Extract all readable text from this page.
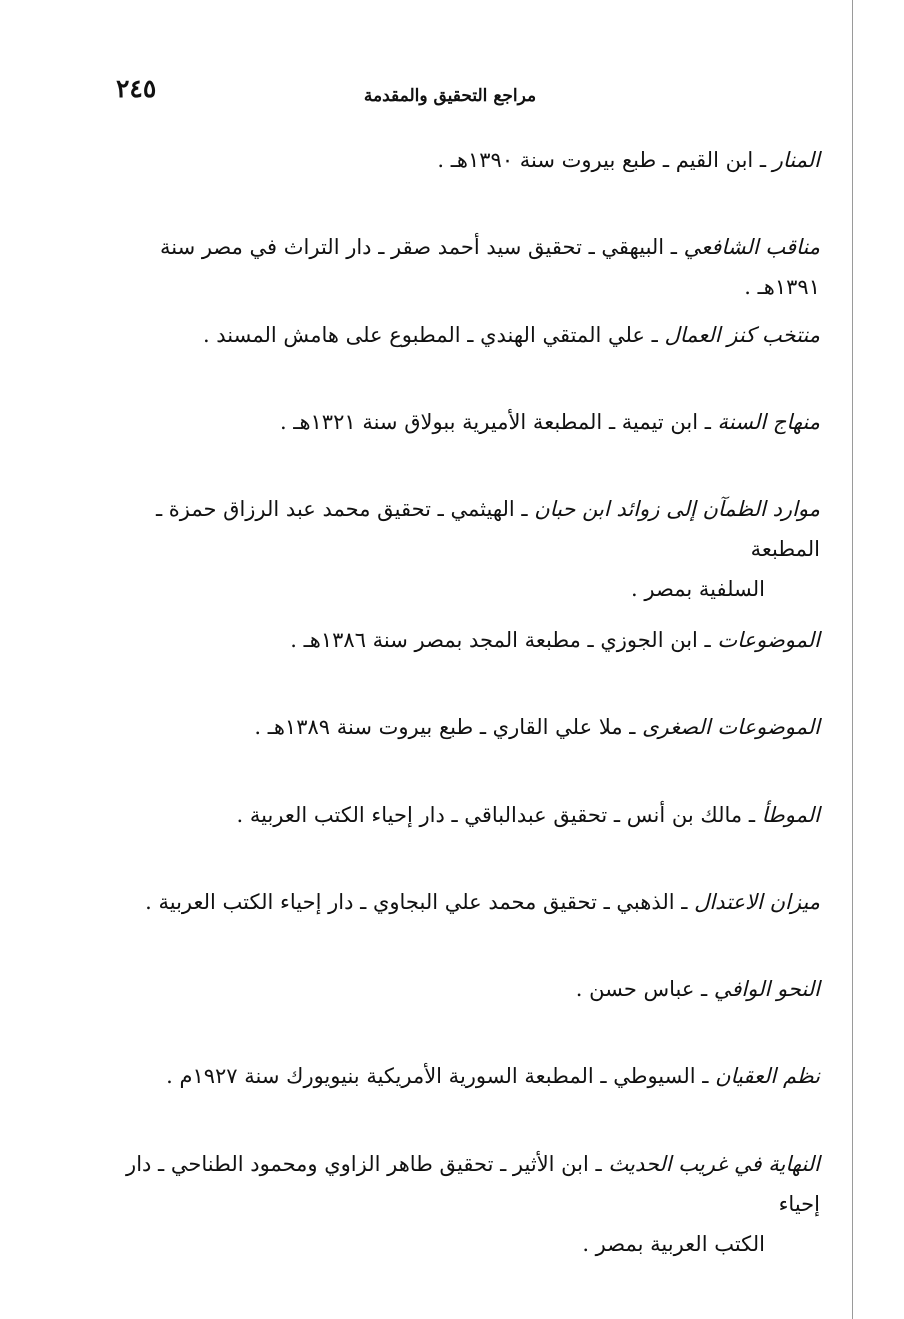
٢٤٥	مراجع التحقيق والمقدمة
المنار ـ ابن القيم ـ طبع بيروت سنة ١٣٩٠هـ .
مناقب الشافعي ـ البيهقي ـ تحقيق سيد أحمد صقر ـ دار التراث في مصر سنة ١٣٩١هـ .
منتخب كنز العمال ـ علي المتقي الهندي ـ المطبوع على هامش المسند .
منهاج السنة ـ ابن تيمية ـ المطبعة الأميرية ببولاق سنة ١٣٢١هـ .
موارد الظمآن إلى زوائد ابن حبان ـ الهيثمي ـ تحقيق محمد عبد الرزاق حمزة ـ المطبعة
السلفية بمصر .
الموضوعات ـ ابن الجوزي ـ مطبعة المجد بمصر سنة ١٣٨٦هـ .
الموضوعات الصغرى ـ ملا علي القاري ـ طبع بيروت سنة ١٣٨٩هـ .
الموطأ ـ مالك بن أنس ـ تحقيق عبدالباقي ـ دار إحياء الكتب العربية .
ميزان الاعتدال ـ الذهبي ـ تحقيق محمد علي البجاوي ـ دار إحياء الكتب العربية .
النحو الوافي ـ عباس حسن .
نظم العقيان ـ السيوطي ـ المطبعة السورية الأمريكية بنيويورك سنة ١٩٢٧م .
النهاية في غريب الحديث ـ ابن الأثير ـ تحقيق طاهر الزاوي ومحمود الطناحي ـ دار إحياء
الكتب العربية بمصر .
